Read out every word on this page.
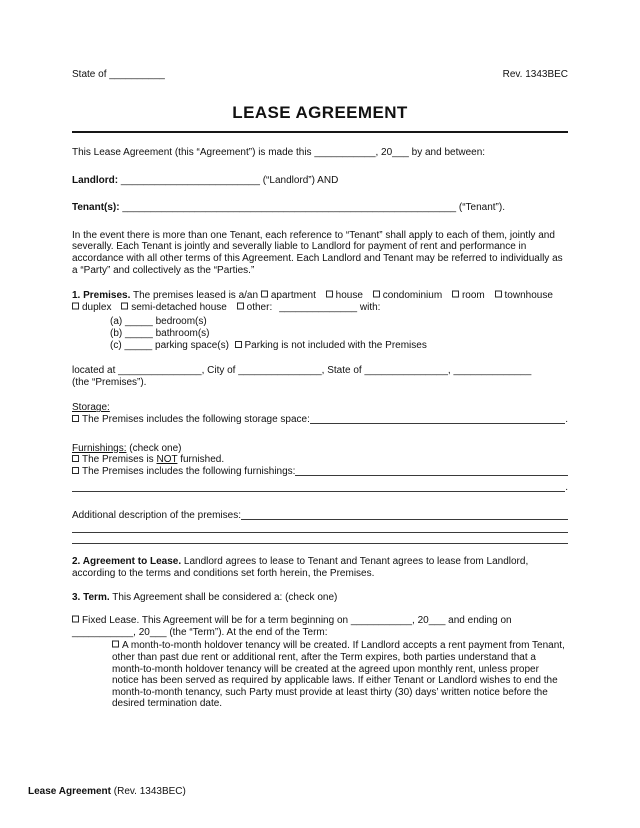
State of __________	Rev. 1343BEC
LEASE AGREEMENT

This Lease Agreement (this “Agreement”) is made this ___________, 20___ by and between:

Landlord: _________________________ (“Landlord”) AND

Tenant(s): ____________________________________________________________ (“Tenant”).

In the event there is more than one Tenant, each reference to “Tenant” shall apply to each of them, jointly and severally. Each Tenant is jointly and severally liable to Landlord for payment of rent and performance in accordance with all other terms of this Agreement. Each Landlord and Tenant may be referred to individually as a “Party” and collectively as the “Parties.”

1. Premises. The premises leased is a/an apartment house condominium room townhouse duplex semi-detached house other: ______________ with:

(a) _____ bedroom(s)
(b) _____ bathroom(s)
(c) _____ parking space(s) Parking is not included with the Premises
located at _______________, City of _______________, State of _______________, ______________
(the “Premises”).

Storage:

The Premises includes the following storage space:	.

Furnishings: (check one)

The Premises is NOT furnished.
The Premises includes the following furnishings:
.
Additional description of the premises:

2. Agreement to Lease. Landlord agrees to lease to Tenant and Tenant agrees to lease from Landlord, according to the terms and conditions set forth herein, the Premises.

3. Term. This Agreement shall be considered a: (check one)

Fixed Lease. This Agreement will be for a term beginning on ___________, 20___ and ending on ___________, 20___ (the “Term”). At the end of the Term:

A month-to-month holdover tenancy will be created. If Landlord accepts a rent payment from Tenant, other than past due rent or additional rent, after the Term expires, both parties understand that a month-to-month holdover tenancy will be created at the agreed upon monthly rent, unless proper notice has been served as required by applicable laws. If either Tenant or Landlord wishes to end the month-to-month tenancy, such Party must provide at least thirty (30) days’ written notice before the desired termination date.

Lease Agreement (Rev. 1343BEC)
